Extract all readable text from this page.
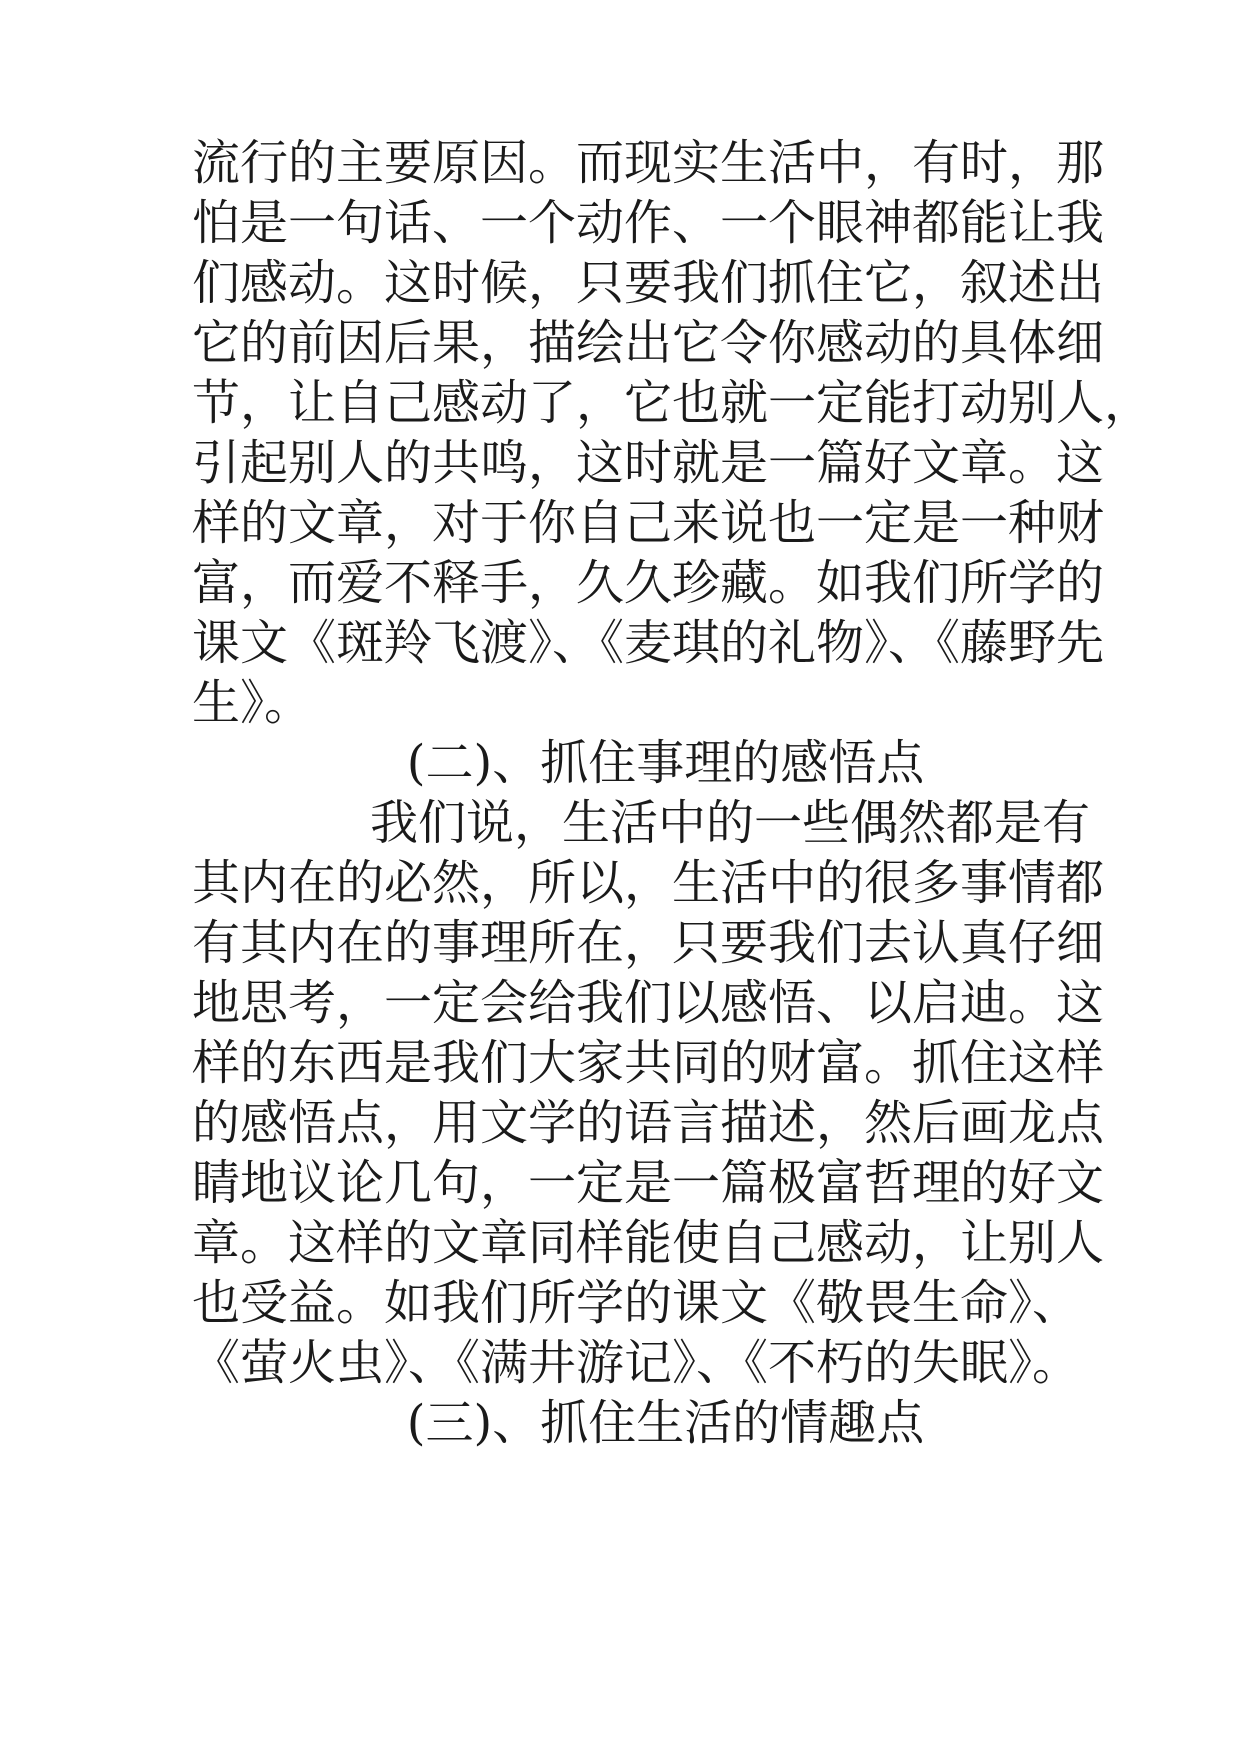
流行的主要原因。而现实生活中，有时，那
怕是一句话、一个动作、一个眼神都能让我
们感动。这时候，只要我们抓住它，叙述出
它的前因后果，描绘出它令你感动的具体细
节，让自己感动了，它也就一定能打动别人，
引起别人的共鸣，这时就是一篇好文章。这
样的文章，对于你自己来说也一定是一种财
富，而爱不释手，久久珍藏。如我们所学的
课文《斑羚飞渡》、《麦琪的礼物》、《藤野先
生》。
(二)、抓住事理的感悟点
我们说，生活中的一些偶然都是有
其内在的必然，所以，生活中的很多事情都
有其内在的事理所在，只要我们去认真仔细
地思考，一定会给我们以感悟、以启迪。这
样的东西是我们大家共同的财富。抓住这样
的感悟点，用文学的语言描述，然后画龙点
睛地议论几句，一定是一篇极富哲理的好文
章。这样的文章同样能使自己感动，让别人
也受益。如我们所学的课文《敬畏生命》、
《萤火虫》、《满井游记》、《不朽的失眠》。
(三)、抓住生活的情趣点
